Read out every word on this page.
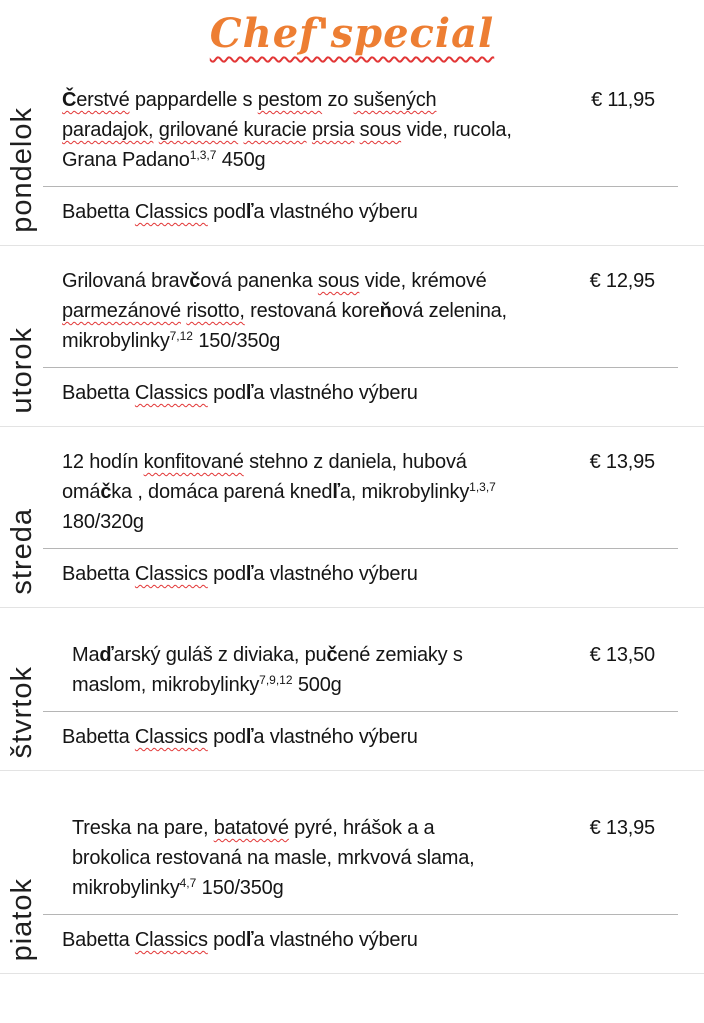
Chef'special
pondelok

Čerstvé pappardelle s pestom zo sušených
paradajok, grilované kuracie prsia sous vide, rucola,
Grana Padano$^{1,3,7}$ 450g

€ 11,95

Babetta Classics podľa vlastného výberu

utorok

Grilovaná bravčová panenka sous vide, krémové
parmezánové risotto, restovaná koreňová zelenina,
mikrobylinky$^{7,12}$ 150/350g

€ 12,95

Babetta Classics podľa vlastného výberu

streda

12 hodín konfitované stehno z daniela, hubová
omáčka , domáca parená knedľa, mikrobylinky$^{1,3,7}$
180/320g

€ 13,95

Babetta Classics podľa vlastného výberu

štvrtok

Maďarský guláš z diviaka, pučené zemiaky s
maslom, mikrobylinky$^{7,9,12}$ 500g

€ 13,50

Babetta Classics podľa vlastného výberu

piatok

Treska na pare, batatové pyré, hrášok a a
brokolica restovaná na masle, mrkvová slama,
mikrobylinky$^{4,7}$ 150/350g

€ 13,95

Babetta Classics podľa vlastného výberu
